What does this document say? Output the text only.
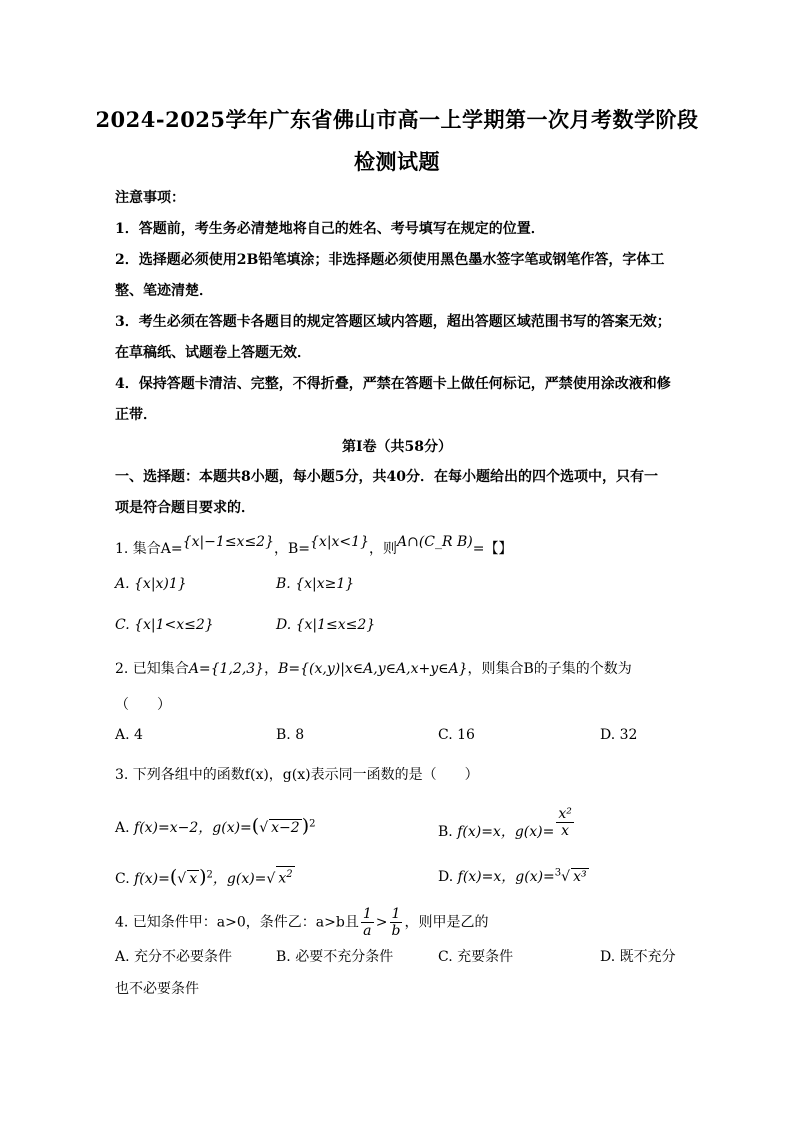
2024-2025学年广东省佛山市高一上学期第一次月考数学阶段
检测试题
注意事项：
1．答题前，考生务必清楚地将自己的姓名、考号填写在规定的位置．
2．选择题必须使用2B铅笔填涂；非选择题必须使用黑色墨水签字笔或钢笔作答，字体工
整、笔迹清楚．
3．考生必须在答题卡各题目的规定答题区域内答题，超出答题区域范围书写的答案无效；
在草稿纸、试题卷上答题无效．
4．保持答题卡清洁、完整，不得折叠，严禁在答题卡上做任何标记，严禁使用涂改液和修
正带．
第Ⅰ卷（共58分）
一、选择题：本题共8小题，每小题5分，共40分．在每小题给出的四个选项中，只有一
项是符合题目要求的．
1. 集合A={x|−1≤x≤2}，B={x|x<1}，则A∩(C_R B)=【】
A. {x|x)1}	B. {x|x≥1}
C. {x|1<x≤2}	D. {x|1≤x≤2}
2. 已知集合A={1,2,3}，B={(x,y)|x∈A,y∈A,x+y∈A}，则集合B的子集的个数为
（　　）
A. 4	B. 8	C. 16	D. 32
3. 下列各组中的函数f(x)，g(x)表示同一函数的是（　　）
A. f(x)=x−2，g(x)=(√ x−2 )$^2$	B. f(x)=x，$g(x)= \frac{\text{x²}}{x}$
C. f(x)=(√ x )$^2$，g(x)=√ $x^2$	D. f(x)=x，g(x)=$^3$√ x³
4. 已知条件甲：a>0，条件乙：a>b且 $\frac{1}{a} > \frac{1}{b}$ ，则甲是乙的
A. 充分不必要条件	B. 必要不充分条件	C. 充要条件	D. 既不充分
也不必要条件
